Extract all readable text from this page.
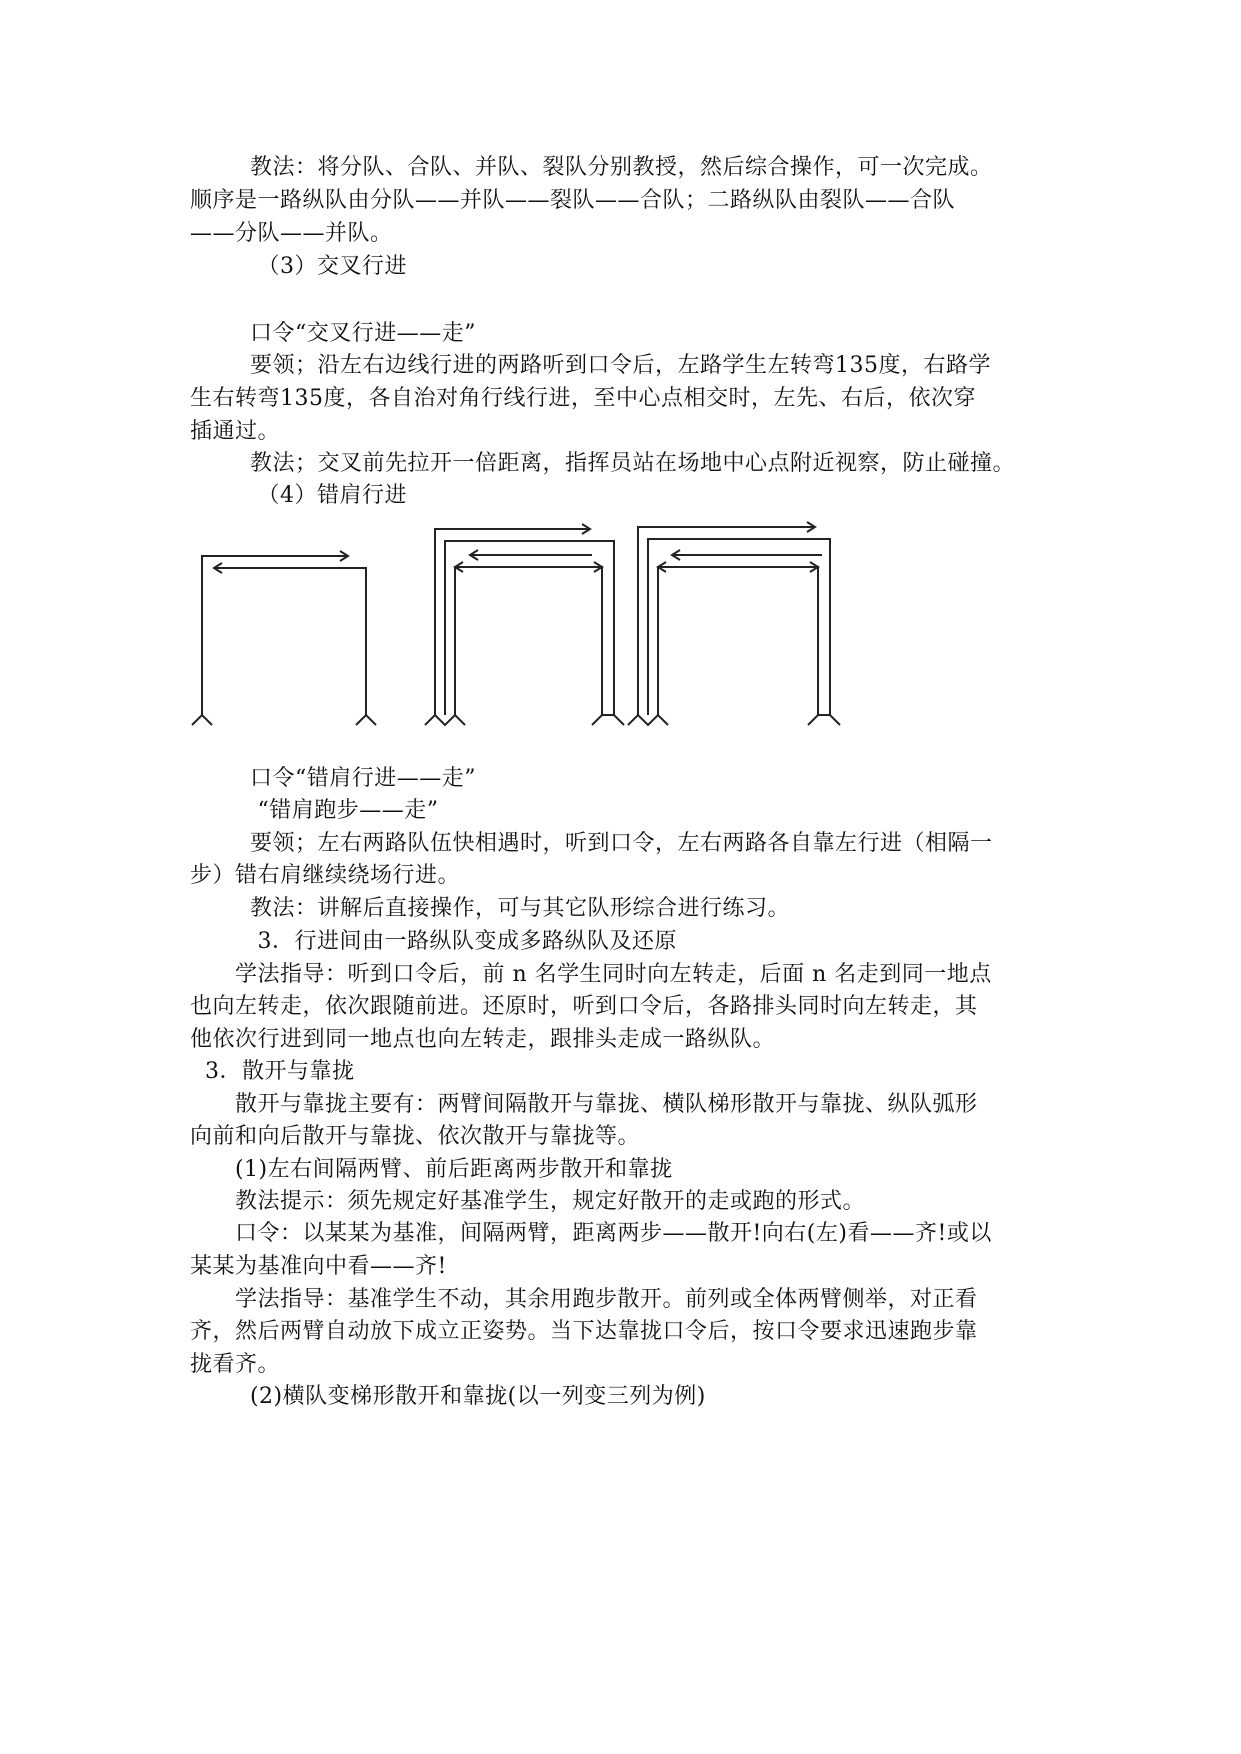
教法：将分队、合队、并队、裂队分别教授，然后综合操作，可一次完成。
顺序是一路纵队由分队——并队——裂队——合队；二路纵队由裂队——合队
——分队——并队。
（3）交叉行进
口令“交叉行进——走”
要领；沿左右边线行进的两路听到口令后，左路学生左转弯135度，右路学
生右转弯135度，各自治对角行线行进，至中心点相交时，左先、右后，依次穿
插通过。
教法；交叉前先拉开一倍距离，指挥员站在场地中心点附近视察，防止碰撞。
（4）错肩行进
口令“错肩行进——走”
“错肩跑步——走”
要领；左右两路队伍快相遇时，听到口令，左右两路各自靠左行进（相隔一
步）错右肩继续绕场行进。
教法：讲解后直接操作，可与其它队形综合进行练习。
3．行进间由一路纵队变成多路纵队及还原
学法指导：听到口令后，前 n 名学生同时向左转走，后面 n 名走到同一地点
也向左转走，依次跟随前进。还原时，听到口令后，各路排头同时向左转走，其
他依次行进到同一地点也向左转走，跟排头走成一路纵队。
3．散开与靠拢
散开与靠拢主要有：两臂间隔散开与靠拢、横队梯形散开与靠拢、纵队弧形
向前和向后散开与靠拢、依次散开与靠拢等。
(1)左右间隔两臂、前后距离两步散开和靠拢
教法提示：须先规定好基准学生，规定好散开的走或跑的形式。
口令：以某某为基准，间隔两臂，距离两步——散开!向右(左)看——齐!或以
某某为基准向中看——齐!
学法指导：基准学生不动，其余用跑步散开。前列或全体两臂侧举，对正看
齐，然后两臂自动放下成立正姿势。当下达靠拢口令后，按口令要求迅速跑步靠
拢看齐。
(2)横队变梯形散开和靠拢(以一列变三列为例)
